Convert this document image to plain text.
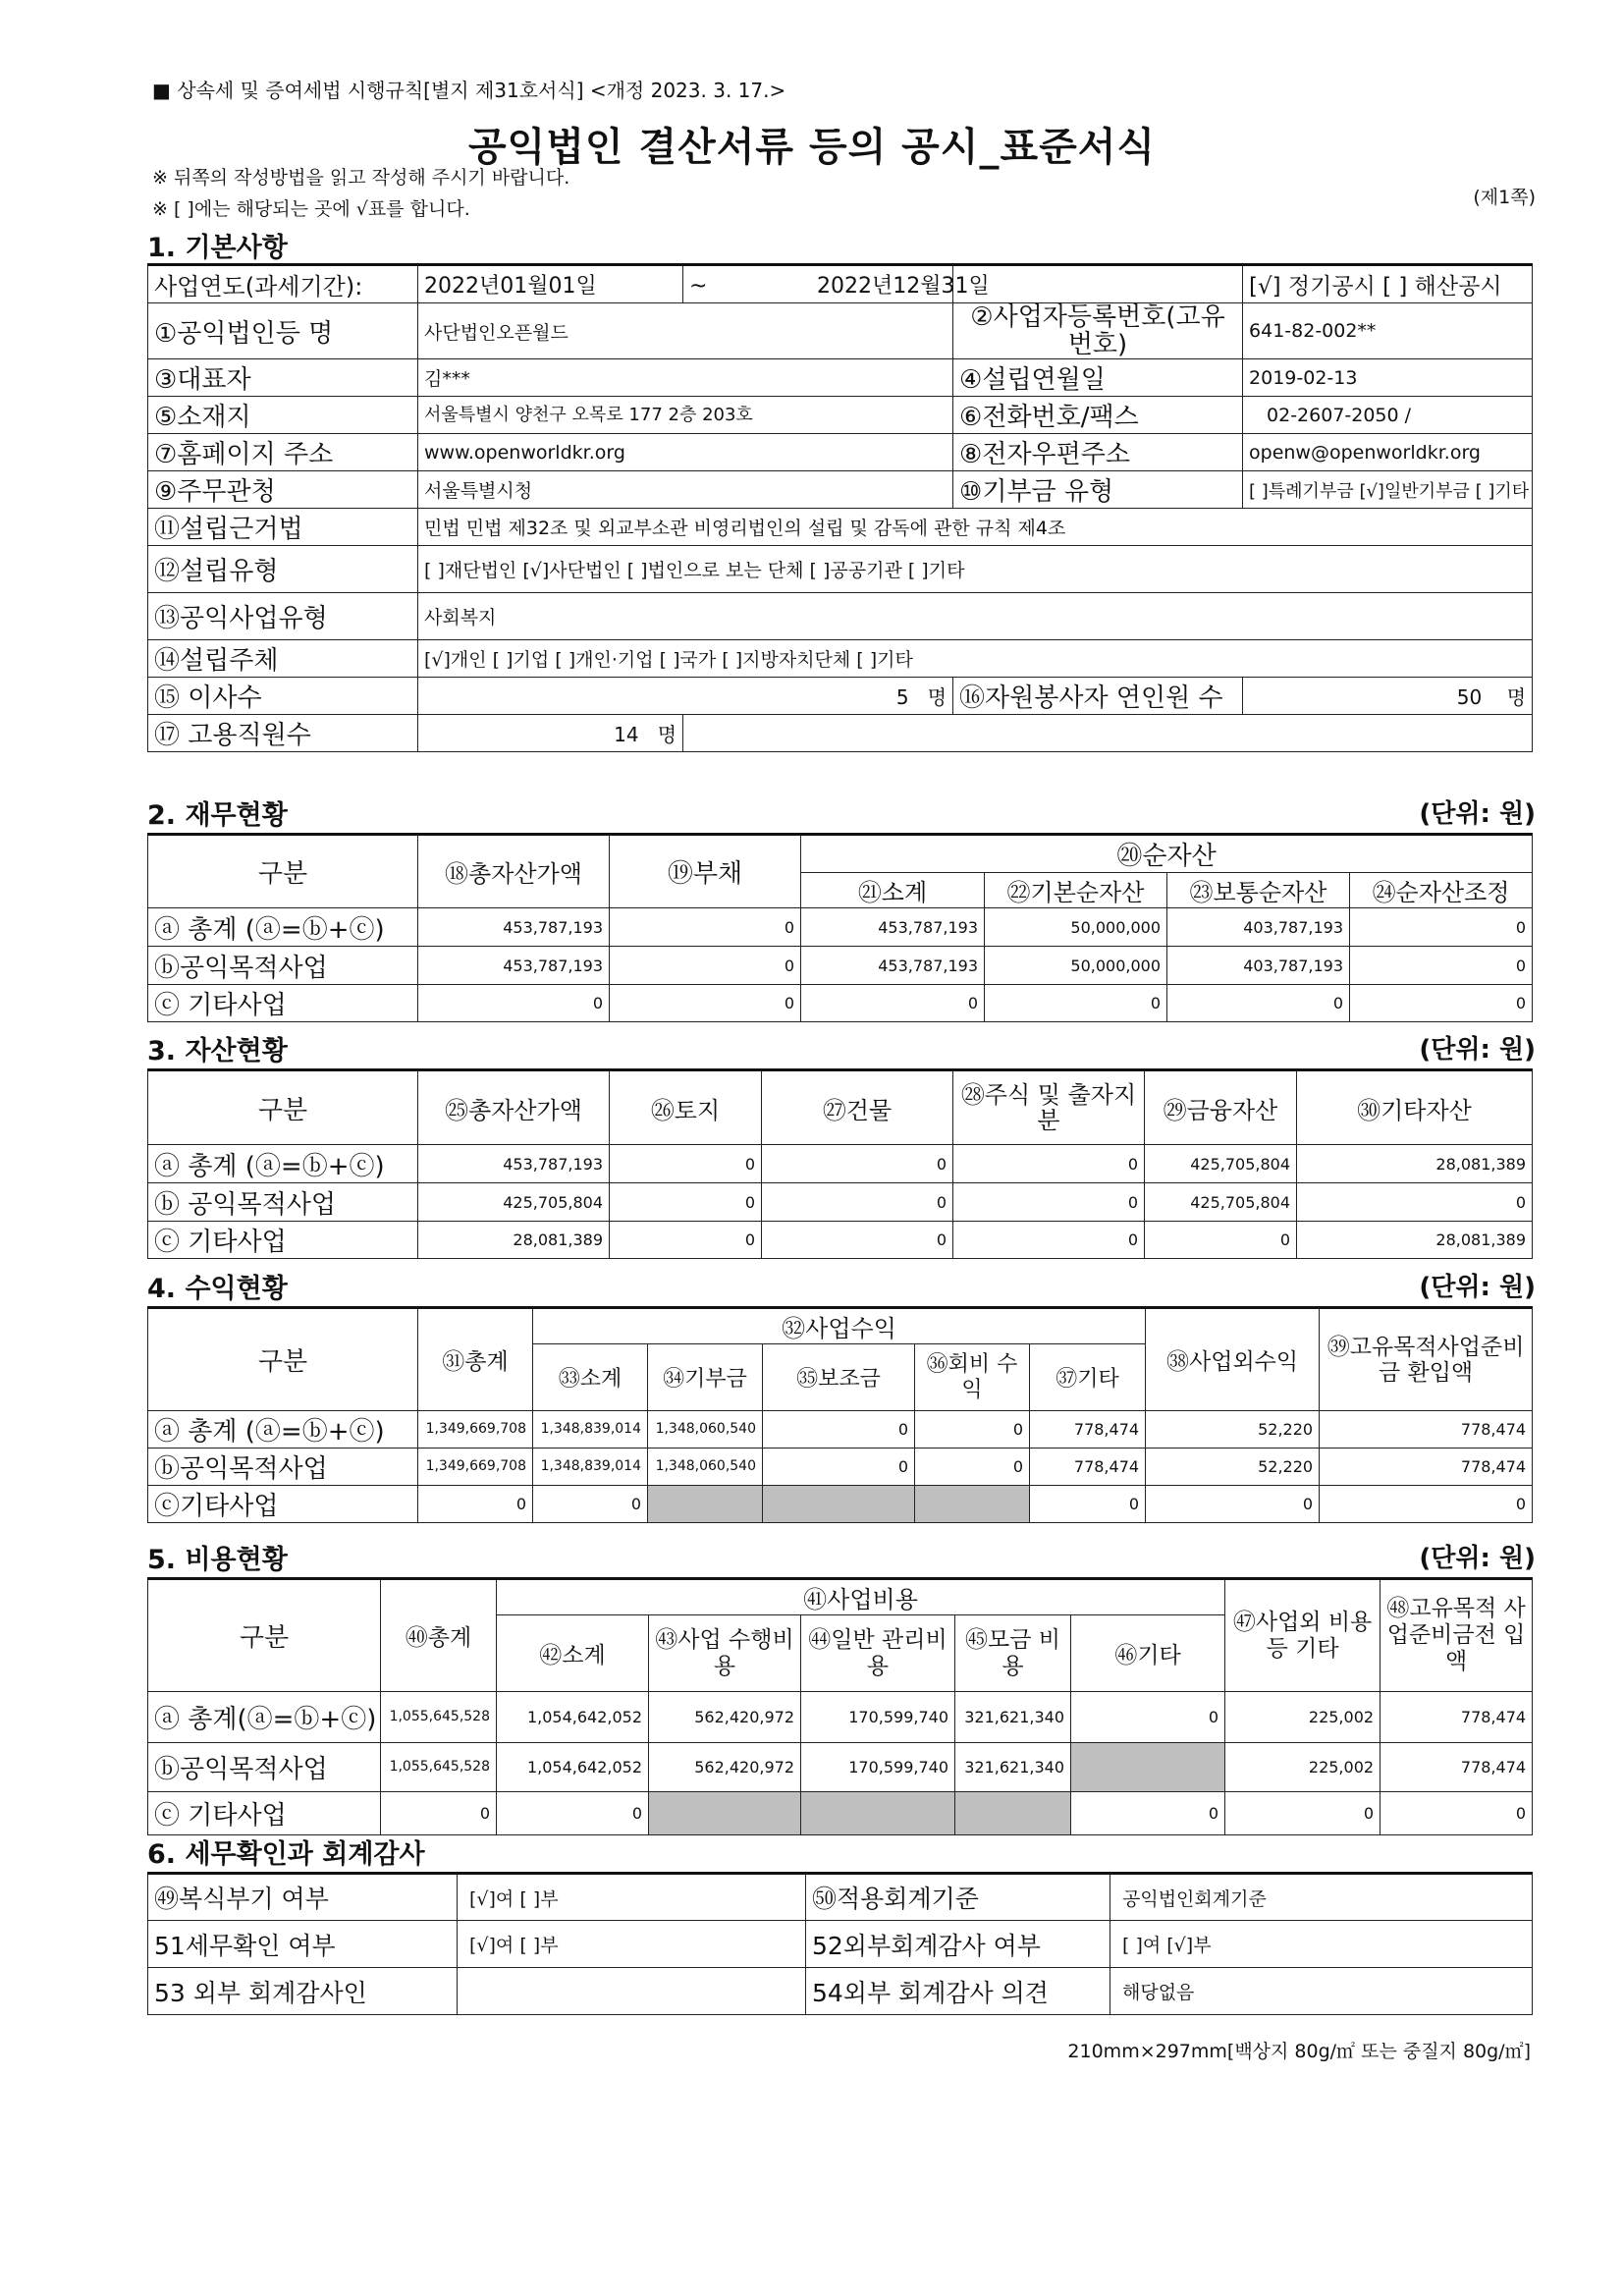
■ 상속세 및 증여세법 시행규칙[별지 제31호서식] <개정 2023. 3. 17.>
공익법인 결산서류 등의 공시_표준서식
※ 뒤쪽의 작성방법을 읽고 작성해 주시기 바랍니다.
※ [ ]에는 해당되는 곳에 √표를 합니다.
(제1쪽)
1. 기본사항
사업연도(과세기간):	2022년01월01일	~ 2022년12월31일		[√] 정기공시 [ ] 해산공시
①공익법인등 명	사단법인오픈월드		②사업자등록번호(고유번호)	641-82-002**
③대표자	김***		④설립연월일	2019-02-13
⑤소재지	서울특별시 양천구 오목로 177 2층 203호		⑥전화번호/팩스	02-2607-2050 /
⑦홈페이지 주소	www.openworldkr.org		⑧전자우편주소	openw@openworldkr.org
⑨주무관청	서울특별시청		⑩기부금 유형	[ ]특례기부금 [√]일반기부금 [ ]기타
⑪설립근거법	민법 민법 제32조 및 외교부소관 비영리법인의 설립 및 감독에 관한 규칙 제4조			
⑫설립유형	[ ]재단법인 [√]사단법인 [ ]법인으로 보는 단체 [ ]공공기관 [ ]기타			
⑬공익사업유형	사회복지			
⑭설립주체	[√]개인 [ ]기업 [ ]개인·기업 [ ]국가 [ ]지방자치단체 [ ]기타			
⑮ 이사수	5 명		⑯자원봉사자 연인원 수	50 명
⑰ 고용직원수	14 명			
2. 재무현황	(단위: 원)
구분	⑱총자산가액	⑲부채	⑳순자산			
			㉑소계	㉒기본순자산	㉓보통순자산	㉔순자산조정
ⓐ 총계 (ⓐ=ⓑ+ⓒ)	453,787,193	0	453,787,193	50,000,000	403,787,193	0
ⓑ공익목적사업	453,787,193	0	453,787,193	50,000,000	403,787,193	0
ⓒ 기타사업	0	0	0	0	0	0
3. 자산현황	(단위: 원)
구분	㉕총자산가액	㉖토지	㉗건물	㉘주식 및 출자지분	㉙금융자산	㉚기타자산
ⓐ 총계 (ⓐ=ⓑ+ⓒ)	453,787,193	0	0	0	425,705,804	28,081,389
ⓑ 공익목적사업	425,705,804	0	0	0	425,705,804	0
ⓒ 기타사업	28,081,389	0	0	0	0	28,081,389
4. 수익현황	(단위: 원)
구분	㉛총계	㉜사업수익					㊳사업외수익	㊴고유목적사업준비금 환입액
		㉝소계	㉞기부금	㉟보조금	㊱회비 수익	㊲기타		
ⓐ 총계 (ⓐ=ⓑ+ⓒ)	1,349,669,708	1,348,839,014	1,348,060,540	0	0	778,474	52,220	778,474
ⓑ공익목적사업	1,349,669,708	1,348,839,014	1,348,060,540	0	0	778,474	52,220	778,474
ⓒ기타사업	0	0				0	0	0
5. 비용현황	(단위: 원)
구분	㊵총계	㊶사업비용					㊼사업외 비용 등 기타	㊽고유목적 사업준비금전 입액
		㊷소계	㊸사업 수행비용	㊹일반 관리비용	㊺모금 비용	㊻기타		
ⓐ 총계(ⓐ=ⓑ+ⓒ)	1,055,645,528	1,054,642,052	562,420,972	170,599,740	321,621,340	0	225,002	778,474
ⓑ공익목적사업	1,055,645,528	1,054,642,052	562,420,972	170,599,740	321,621,340		225,002	778,474
ⓒ 기타사업	0	0				0	0	0
6. 세무확인과 회계감사
㊾복식부기 여부	[√]여 [ ]부	㊿적용회계기준	공익법인회계기준
51세무확인 여부	[√]여 [ ]부	52외부회계감사 여부	[ ]여 [√]부
53 외부 회계감사인		54외부 회계감사 의견	해당없음
210mm×297mm[백상지 80g/㎡ 또는 중질지 80g/㎡]
